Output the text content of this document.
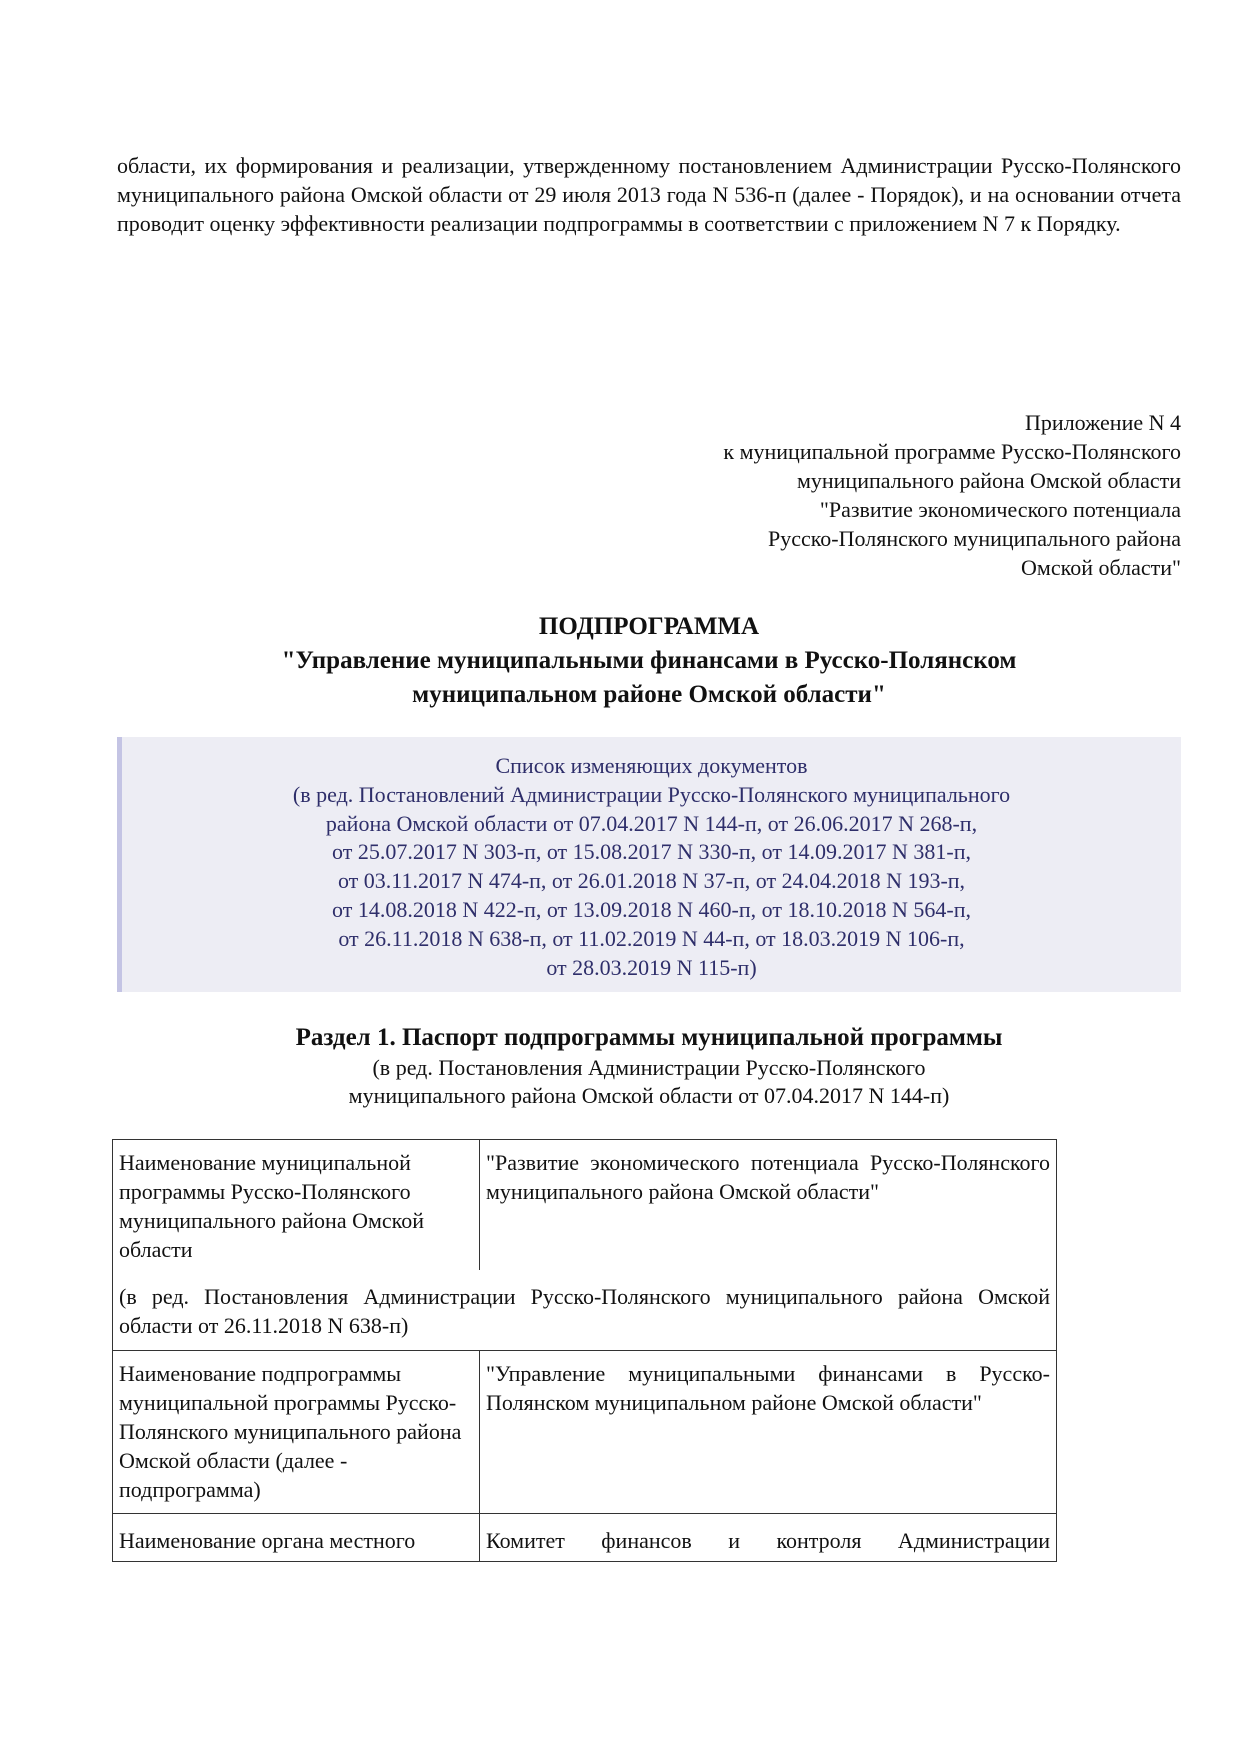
области, их формирования и реализации, утвержденному постановлением Администрации Русско-Полянского муниципального района Омской области от 29 июля 2013 года N 536-п (далее - Порядок), и на основании отчета проводит оценку эффективности реализации подпрограммы в соответствии с приложением N 7 к Порядку.

Приложение N 4
к муниципальной программе Русско-Полянского
муниципального района Омской области
"Развитие экономического потенциала
Русско-Полянского муниципального района
Омской области"
ПОДПРОГРАММА
"Управление муниципальными финансами в Русско-Полянском
муниципальном районе Омской области"
Список изменяющих документов
(в ред. Постановлений Администрации Русско-Полянского муниципального
района Омской области от 07.04.2017 N 144-п, от 26.06.2017 N 268-п,
от 25.07.2017 N 303-п, от 15.08.2017 N 330-п, от 14.09.2017 N 381-п,
от 03.11.2017 N 474-п, от 26.01.2018 N 37-п, от 24.04.2018 N 193-п,
от 14.08.2018 N 422-п, от 13.09.2018 N 460-п, от 18.10.2018 N 564-п,
от 26.11.2018 N 638-п, от 11.02.2019 N 44-п, от 18.03.2019 N 106-п,
от 28.03.2019 N 115-п)
Раздел 1. Паспорт подпрограммы муниципальной программы

(в ред. Постановления Администрации Русско-Полянского

муниципального района Омской области от 07.04.2017 N 144-п)

Наименование муниципальной программы Русско-Полянского муниципального района Омской области	"Развитие экономического потенциала Русско-Полянского муниципального района Омской области"
(в ред. Постановления Администрации Русско-Полянского муниципального района Омской области от 26.11.2018 N 638-п)	
Наименование подпрограммы муниципальной программы Русско-Полянского муниципального района Омской области (далее - подпрограмма)	"Управление муниципальными финансами в Русско-Полянском муниципальном районе Омской области"
Наименование органа местного	Комитет финансов и контроля Администрации
